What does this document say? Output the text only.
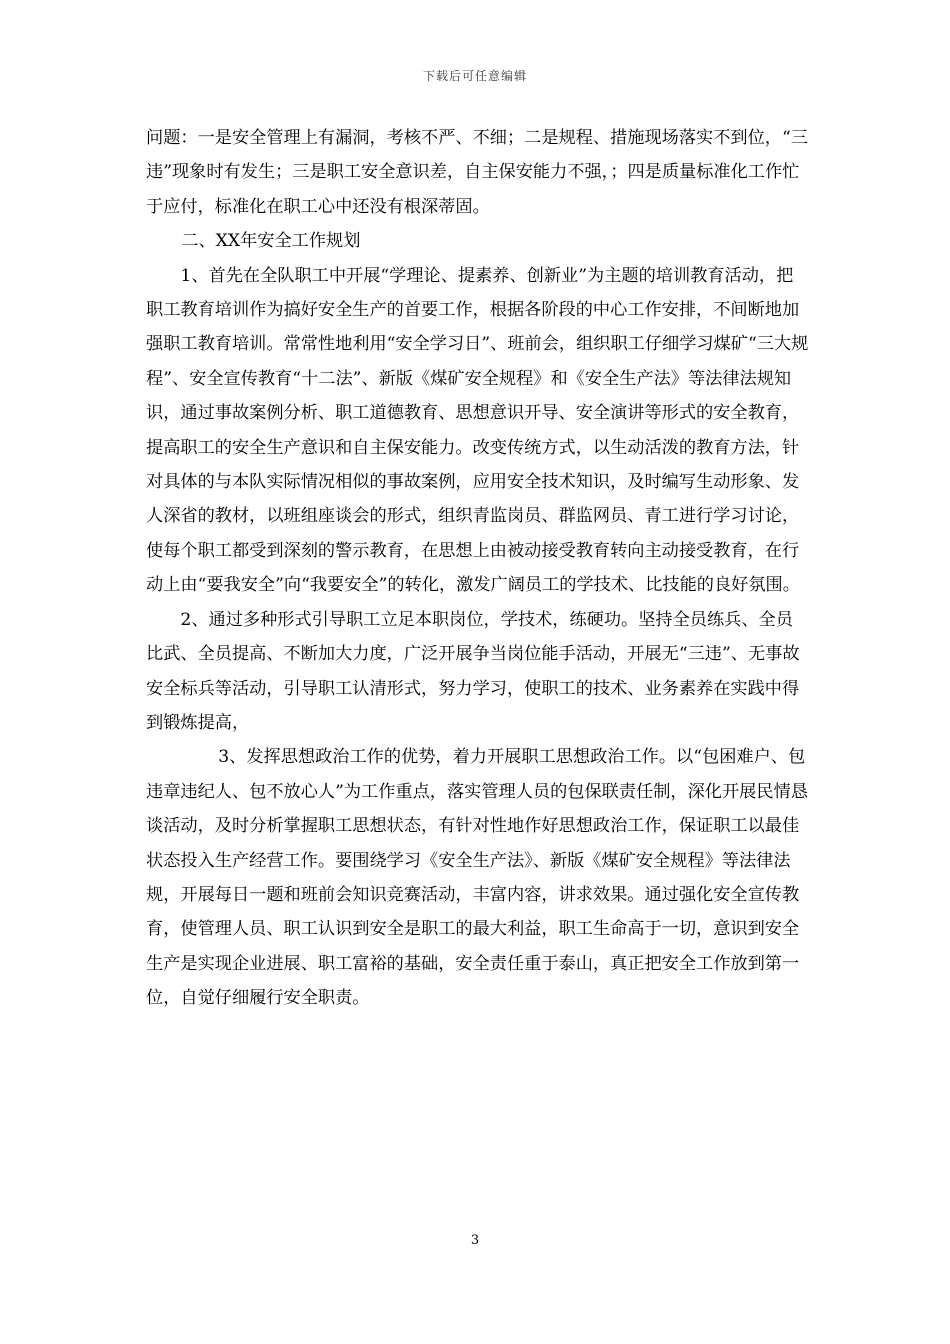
下载后可任意编辑

问题：一是安全管理上有漏洞，考核不严、不细；二是规程、措施现场落实不到位，“三违”现象时有发生；三是职工安全意识差，自主保安能力不强，；四是质量标准化工作忙于应付，标准化在职工心中还没有根深蒂固。

二、XX年安全工作规划

1、首先在全队职工中开展“学理论、提素养、创新业”为主题的培训教育活动，把职工教育培训作为搞好安全生产的首要工作，根据各阶段的中心工作安排，不间断地加强职工教育培训。常常性地利用“安全学习日”、班前会，组织职工仔细学习煤矿“三大规程”、安全宣传教育“十二法”、新版《煤矿安全规程》和《安全生产法》等法律法规知识，通过事故案例分析、职工道德教育、思想意识开导、安全演讲等形式的安全教育，提高职工的安全生产意识和自主保安能力。改变传统方式，以生动活泼的教育方法，针对具体的与本队实际情况相似的事故案例，应用安全技术知识，及时编写生动形象、发人深省的教材，以班组座谈会的形式，组织青监岗员、群监网员、青工进行学习讨论，使每个职工都受到深刻的警示教育，在思想上由被动接受教育转向主动接受教育，在行动上由“要我安全”向“我要安全”的转化，激发广阔员工的学技术、比技能的良好氛围。

2、通过多种形式引导职工立足本职岗位，学技术，练硬功。坚持全员练兵、全员比武、全员提高、不断加大力度，广泛开展争当岗位能手活动，开展无“三违”、无事故安全标兵等活动，引导职工认清形式，努力学习，使职工的技术、业务素养在实践中得到锻炼提高，

3、发挥思想政治工作的优势，着力开展职工思想政治工作。以“包困难户、包违章违纪人、包不放心人”为工作重点，落实管理人员的包保联责任制，深化开展民情恳谈活动，及时分析掌握职工思想状态，有针对性地作好思想政治工作，保证职工以最佳状态投入生产经营工作。要围绕学习《安全生产法》、新版《煤矿安全规程》等法律法规，开展每日一题和班前会知识竞赛活动，丰富内容，讲求效果。通过强化安全宣传教育，使管理人员、职工认识到安全是职工的最大利益，职工生命高于一切，意识到安全生产是实现企业进展、职工富裕的基础，安全责任重于泰山，真正把安全工作放到第一位，自觉仔细履行安全职责。

3
